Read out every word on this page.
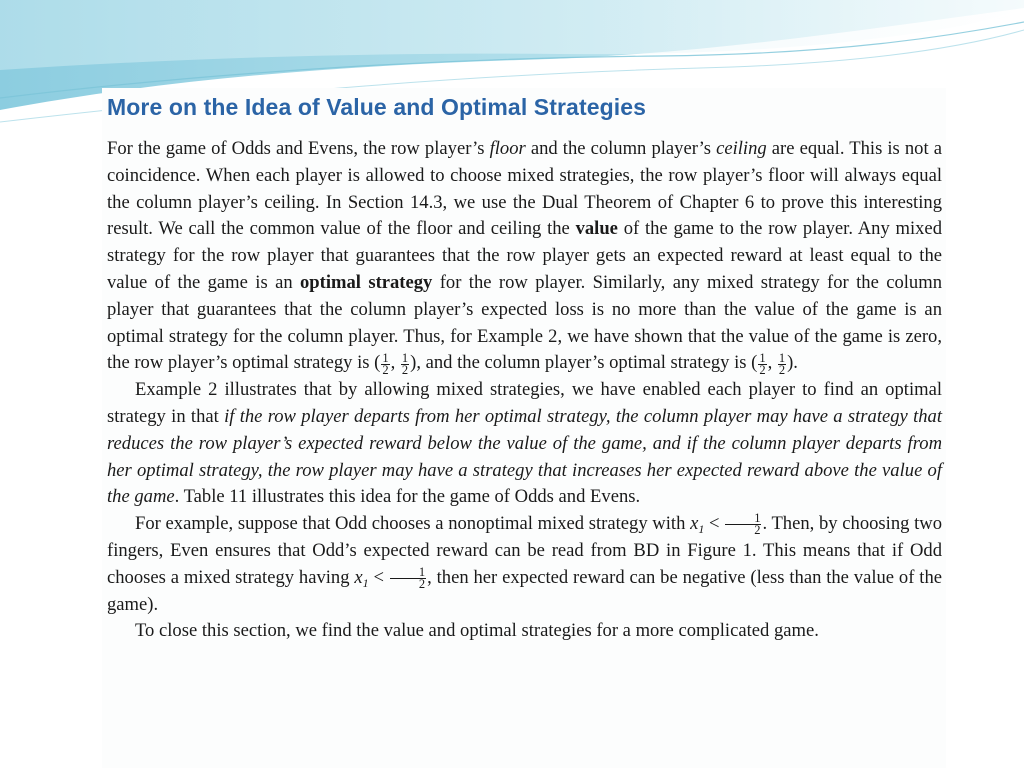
More on the Idea of Value and Optimal Strategies

For the game of Odds and Evens, the row player’s floor and the column player’s ceiling are equal. This is not a coincidence. When each player is allowed to choose mixed strategies, the row player’s floor will always equal the column player’s ceiling. In Section 14.3, we use the Dual Theorem of Chapter 6 to prove this interesting result. We call the common value of the floor and ceiling the value of the game to the row player. Any mixed strategy for the row player that guarantees that the row player gets an expected reward at least equal to the value of the game is an optimal strategy for the row player. Similarly, any mixed strategy for the column player that guarantees that the column player’s expected loss is no more than the value of the game is an optimal strategy for the column player. Thus, for Example 2, we have shown that the value of the game is zero, the row player’s optimal strategy is ( $\frac{1}{2}$ , $\frac{1}{2}$ ), and the column player’s optimal strategy is ( $\frac{1}{2}$ , $\frac{1}{2}$ ).

Example 2 illustrates that by allowing mixed strategies, we have enabled each player to find an optimal strategy in that if the row player departs from her optimal strategy, the column player may have a strategy that reduces the row player’s expected reward below the value of the game, and if the column player departs from her optimal strategy, the row player may have a strategy that increases her expected reward above the value of the game. Table 11 illustrates this idea for the game of Odds and Evens.

For example, suppose that Odd chooses a nonoptimal mixed strategy with $x_1 < \frac{1}{2}$ . Then, by choosing two fingers, Even ensures that Odd’s expected reward can be read from BD in Figure 1. This means that if Odd chooses a mixed strategy having $x_1 < \frac{1}{2}$ , then her expected reward can be negative (less than the value of the game).

To close this section, we find the value and optimal strategies for a more complicated game.
